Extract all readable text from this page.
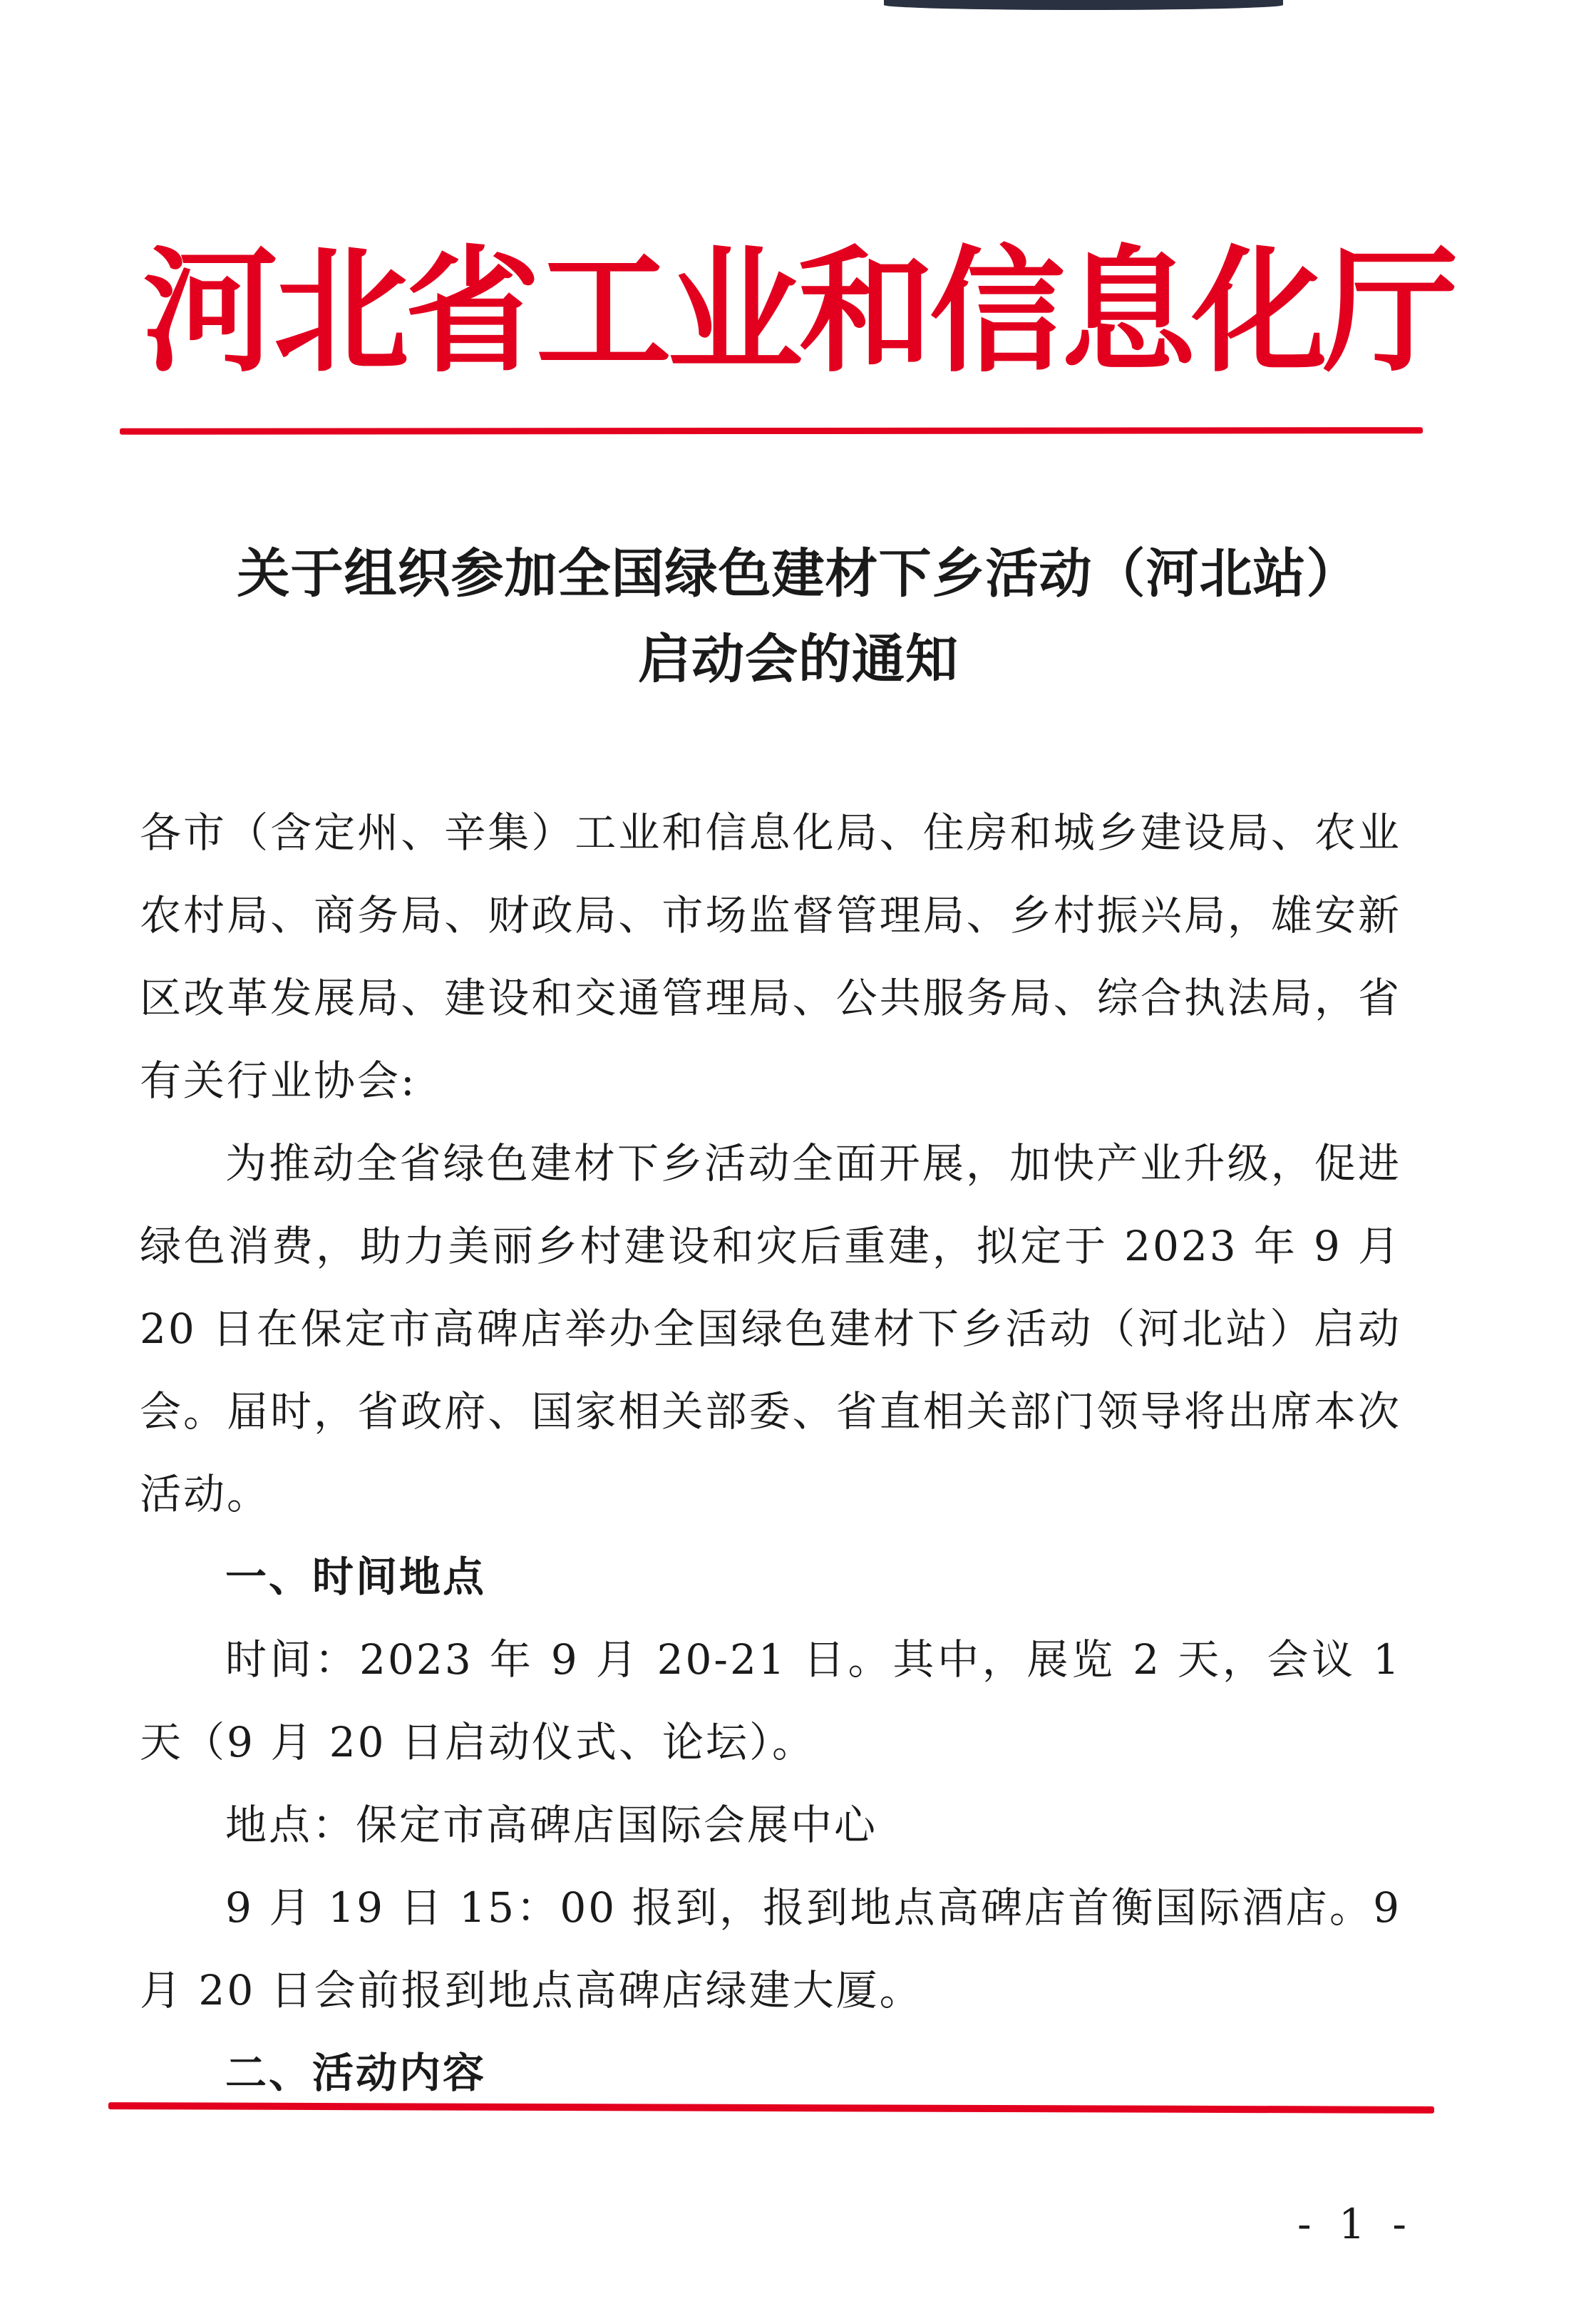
河北省工业和信息化厅
关于组织参加全国绿色建材下乡活动（河北站）
启动会的通知

各市（含定州、辛集）工业和信息化局、住房和城乡建设局、农业农村局、商务局、财政局、市场监督管理局、乡村振兴局，雄安新区改革发展局、建设和交通管理局、公共服务局、综合执法局，省有关行业协会:

为推动全省绿色建材下乡活动全面开展，加快产业升级，促进绿色消费，助力美丽乡村建设和灾后重建，拟定于 2023 年 9 月 20 日在保定市高碑店举办全国绿色建材下乡活动（河北站）启动会。届时，省政府、国家相关部委、省直相关部门领导将出席本次活动。

一、时间地点

时间：2023 年 9 月 20-21 日。其中，展览 2 天，会议 1 天（9 月 20 日启动仪式、论坛）。

地点：保定市高碑店国际会展中心

9 月 19 日 15：00 报到，报到地点高碑店首衡国际酒店。9 月 20 日会前报到地点高碑店绿建大厦。

二、活动内容

- 1 -
